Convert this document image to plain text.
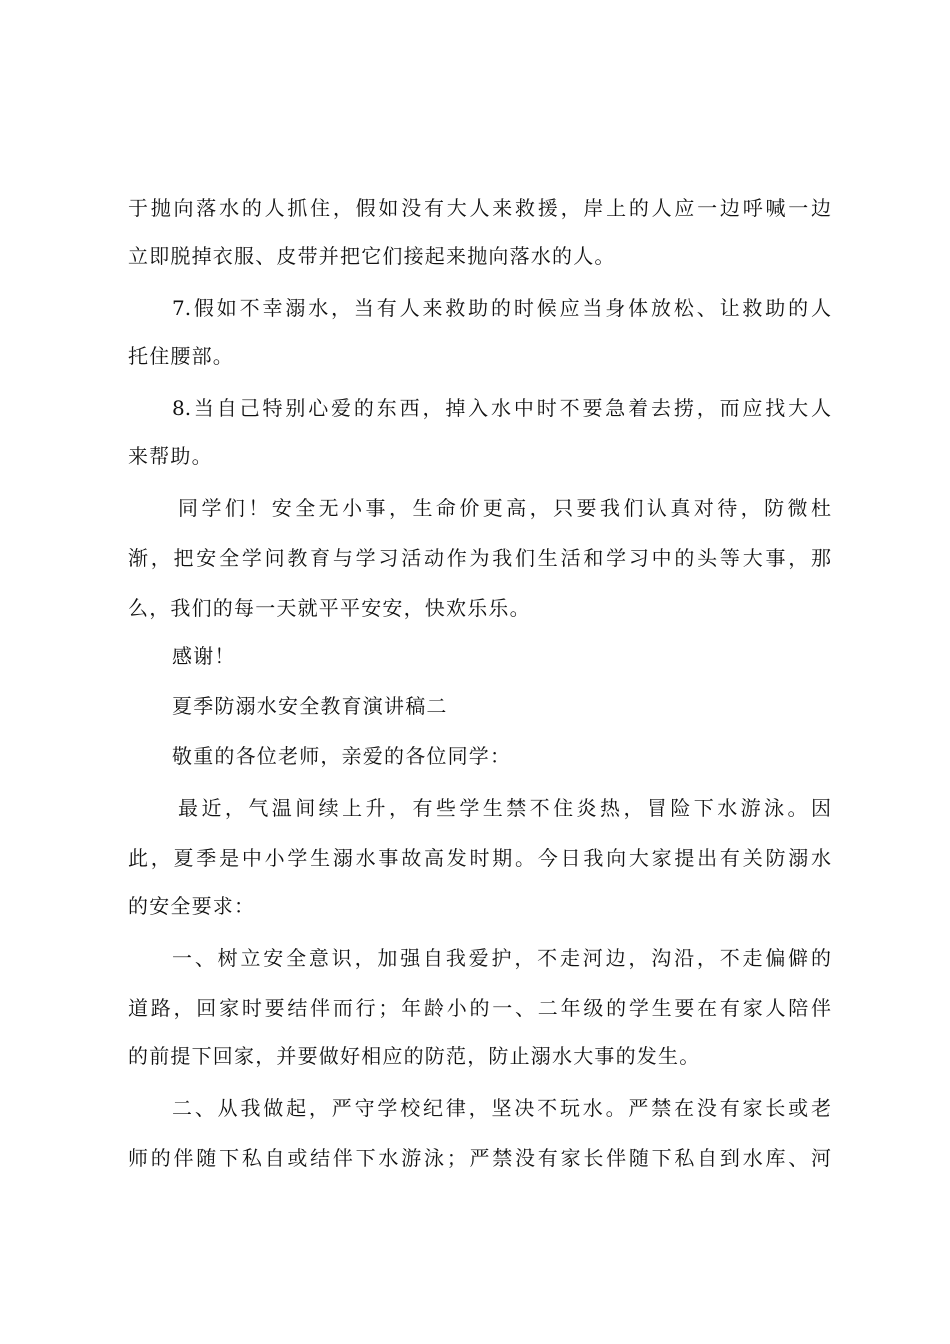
于抛向落水的人抓住，假如没有大人来救援，岸上的人应一边呼喊一边
立即脱掉衣服、皮带并把它们接起来抛向落水的人。
7.假如不幸溺水，当有人来救助的时候应当身体放松、让救助的人
托住腰部。
8.当自己特别心爱的东西，掉入水中时不要急着去捞，而应找大人
来帮助。
同学们！安全无小事，生命价更高，只要我们认真对待，防微杜
渐，把安全学问教育与学习活动作为我们生活和学习中的头等大事，那
么，我们的每一天就平平安安，快欢乐乐。
感谢！
夏季防溺水安全教育演讲稿二
敬重的各位老师，亲爱的各位同学：
最近，气温间续上升，有些学生禁不住炎热，冒险下水游泳。因
此，夏季是中小学生溺水事故高发时期。今日我向大家提出有关防溺水
的安全要求：
一、树立安全意识，加强自我爱护，不走河边，沟沿，不走偏僻的
道路，回家时要结伴而行；年龄小的一、二年级的学生要在有家人陪伴
的前提下回家，并要做好相应的防范，防止溺水大事的发生。
二、从我做起，严守学校纪律，坚决不玩水。严禁在没有家长或老
师的伴随下私自或结伴下水游泳；严禁没有家长伴随下私自到水库、河
